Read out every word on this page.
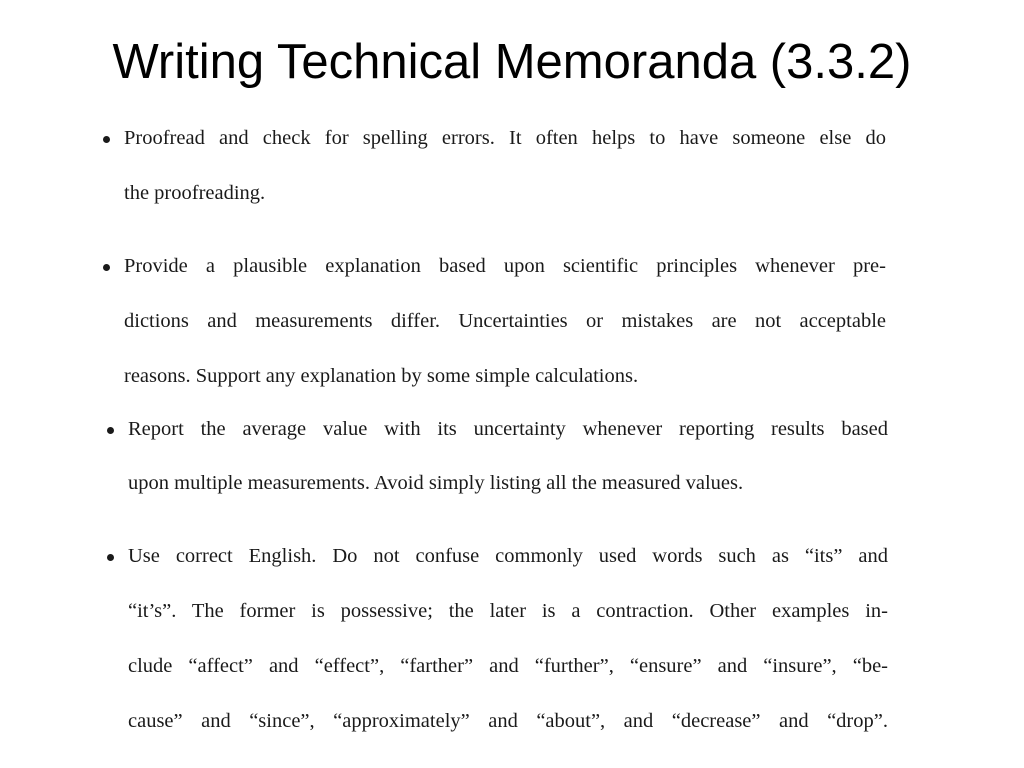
Writing Technical Memoranda (3.3.2)
Proofread and check for spelling errors. It often helps to have someone else do
the proofreading.
Provide a plausible explanation based upon scientific principles whenever pre-
dictions and measurements differ. Uncertainties or mistakes are not acceptable
reasons. Support any explanation by some simple calculations.
Report the average value with its uncertainty whenever reporting results based
upon multiple measurements. Avoid simply listing all the measured values.
Use correct English. Do not confuse commonly used words such as “its” and
“it’s”. The former is possessive; the later is a contraction. Other examples in-
clude “affect” and “effect”, “farther” and “further”, “ensure” and “insure”, “be-
cause” and “since”, “approximately” and “about”, and “decrease” and “drop”.
